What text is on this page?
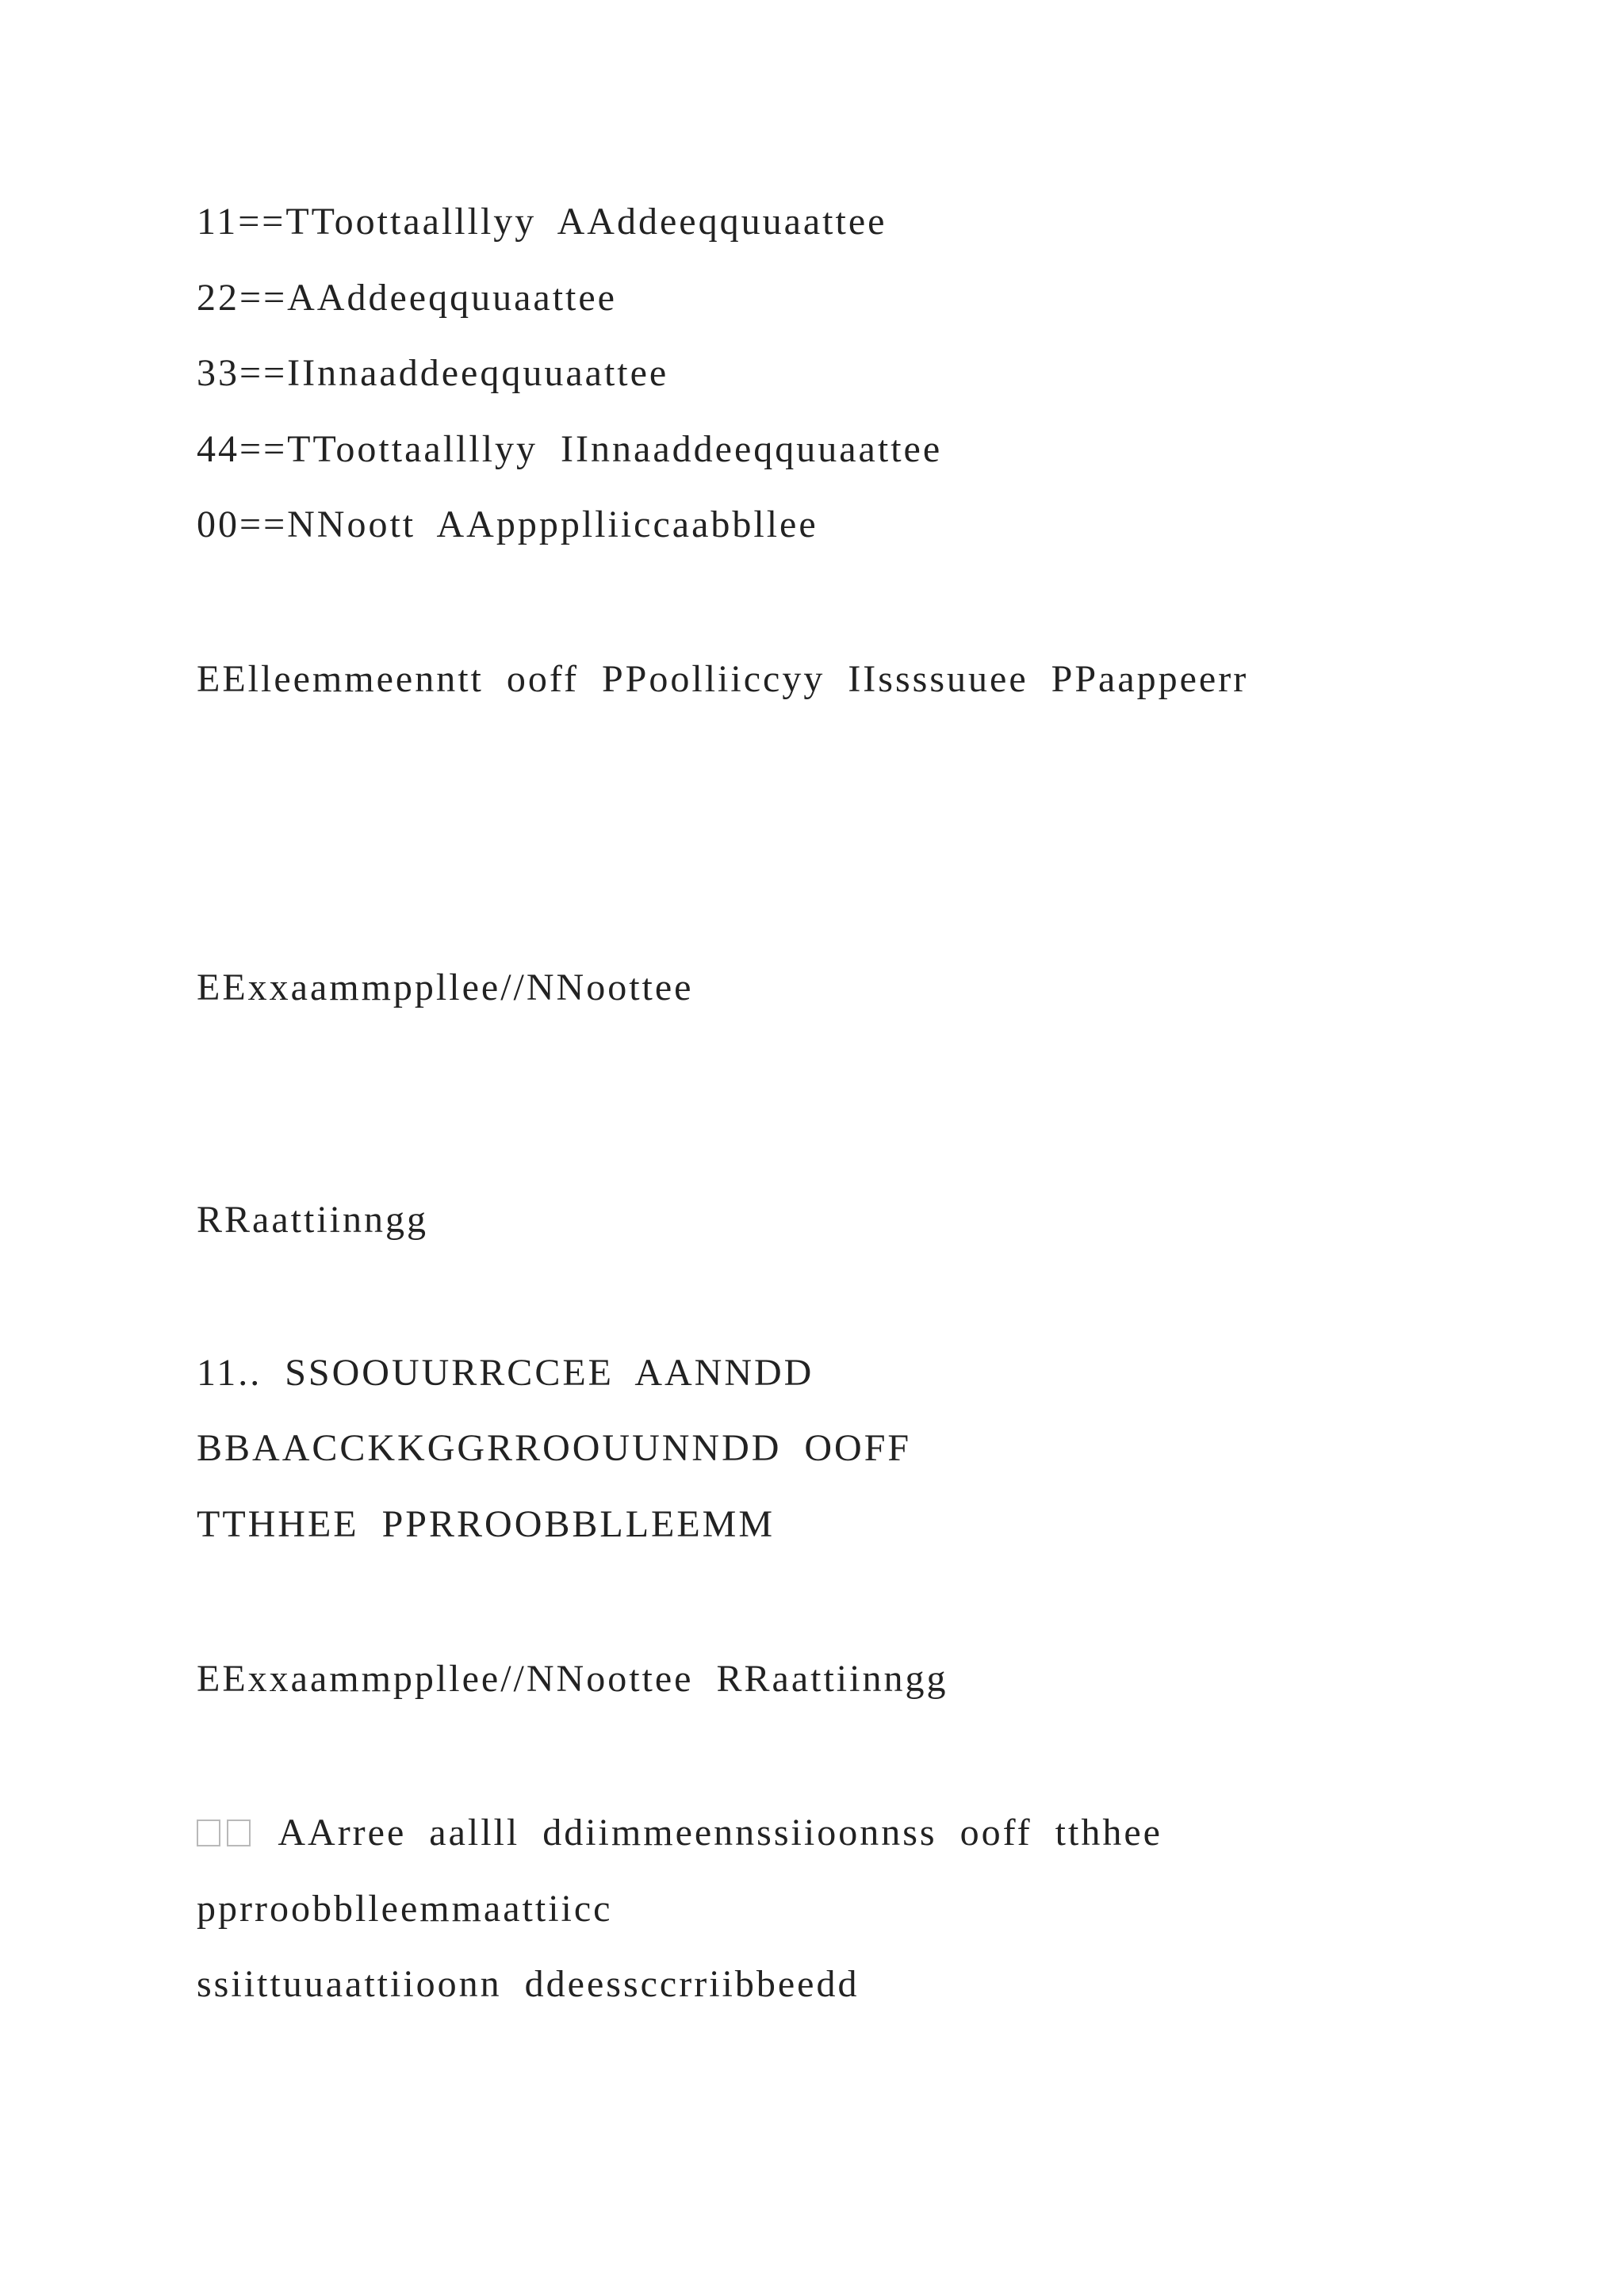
11==TToottaallllyy AAddeeqquuaattee
22==AAddeeqquuaattee
33==IInnaaddeeqquuaattee
44==TToottaallllyy IInnaaddeeqquuaattee
00==NNoott AApppplliiccaabbllee
EElleemmeenntt ooff PPoolliiccyy IIssssuuee PPaappeerr
EExxaammppllee//NNoottee
RRaattiinngg
11.. SSOOUURRCCEE AANNDD
BBAACCKKGGRROOUUNNDD OOFF
TTHHEE PPRROOBBLLEEMM
EExxaammppllee//NNoottee RRaattiinngg
AArree aallll ddiimmeennssiioonnss ooff tthhee
pprroobblleemmaattiicc
ssiittuuaattiioonn ddeessccrriibbeedd
